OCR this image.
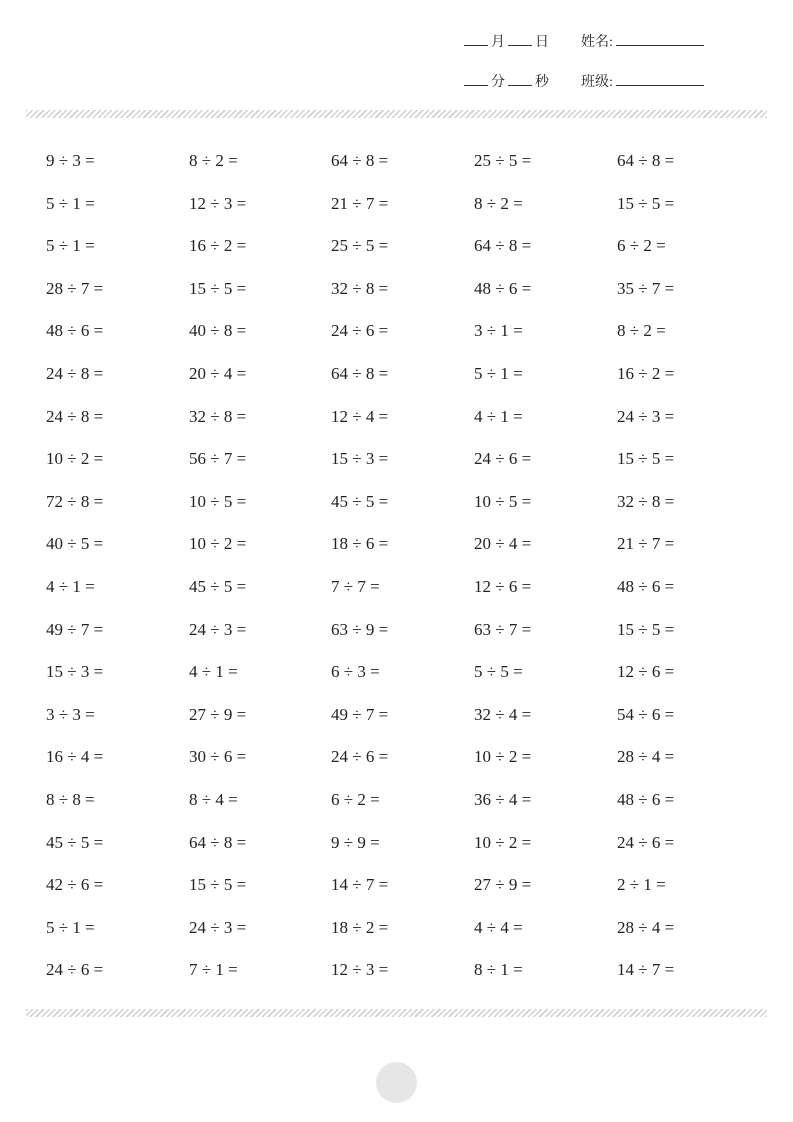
月 日 姓名:
分 秒 班级:
9 ÷ 3 =	8 ÷ 2 =	64 ÷ 8 =	25 ÷ 5 =	64 ÷ 8 =
5 ÷ 1 =	12 ÷ 3 =	21 ÷ 7 =	8 ÷ 2 =	15 ÷ 5 =
5 ÷ 1 =	16 ÷ 2 =	25 ÷ 5 =	64 ÷ 8 =	6 ÷ 2 =
28 ÷ 7 =	15 ÷ 5 =	32 ÷ 8 =	48 ÷ 6 =	35 ÷ 7 =
48 ÷ 6 =	40 ÷ 8 =	24 ÷ 6 =	3 ÷ 1 =	8 ÷ 2 =
24 ÷ 8 =	20 ÷ 4 =	64 ÷ 8 =	5 ÷ 1 =	16 ÷ 2 =
24 ÷ 8 =	32 ÷ 8 =	12 ÷ 4 =	4 ÷ 1 =	24 ÷ 3 =
10 ÷ 2 =	56 ÷ 7 =	15 ÷ 3 =	24 ÷ 6 =	15 ÷ 5 =
72 ÷ 8 =	10 ÷ 5 =	45 ÷ 5 =	10 ÷ 5 =	32 ÷ 8 =
40 ÷ 5 =	10 ÷ 2 =	18 ÷ 6 =	20 ÷ 4 =	21 ÷ 7 =
4 ÷ 1 =	45 ÷ 5 =	7 ÷ 7 =	12 ÷ 6 =	48 ÷ 6 =
49 ÷ 7 =	24 ÷ 3 =	63 ÷ 9 =	63 ÷ 7 =	15 ÷ 5 =
15 ÷ 3 =	4 ÷ 1 =	6 ÷ 3 =	5 ÷ 5 =	12 ÷ 6 =
3 ÷ 3 =	27 ÷ 9 =	49 ÷ 7 =	32 ÷ 4 =	54 ÷ 6 =
16 ÷ 4 =	30 ÷ 6 =	24 ÷ 6 =	10 ÷ 2 =	28 ÷ 4 =
8 ÷ 8 =	8 ÷ 4 =	6 ÷ 2 =	36 ÷ 4 =	48 ÷ 6 =
45 ÷ 5 =	64 ÷ 8 =	9 ÷ 9 =	10 ÷ 2 =	24 ÷ 6 =
42 ÷ 6 =	15 ÷ 5 =	14 ÷ 7 =	27 ÷ 9 =	2 ÷ 1 =
5 ÷ 1 =	24 ÷ 3 =	18 ÷ 2 =	4 ÷ 4 =	28 ÷ 4 =
24 ÷ 6 =	7 ÷ 1 =	12 ÷ 3 =	8 ÷ 1 =	14 ÷ 7 =
